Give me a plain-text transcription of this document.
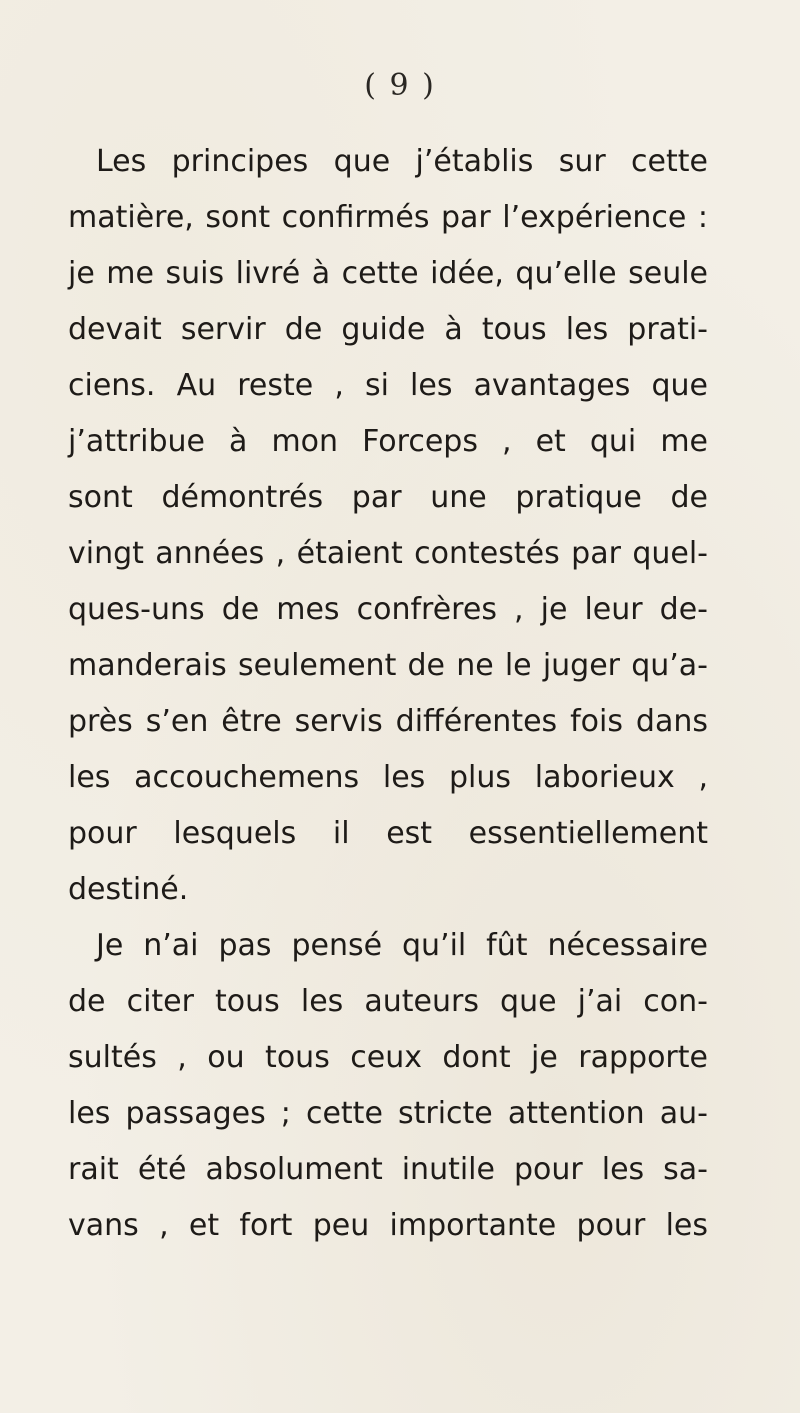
( 9 )
Les principes que j’établis sur cette
matière, sont confirmés par l’expérience :
je me suis livré à cette idée, qu’elle seule
devait servir de guide à tous les prati-
ciens. Au reste , si les avantages que
j’attribue à mon Forceps , et qui me
sont démontrés par une pratique de
vingt années , étaient contestés par quel-
ques-uns de mes confrères , je leur de-
manderais seulement de ne le juger qu’a-
près s’en être servis différentes fois dans
les accouchemens les plus laborieux ,
pour lesquels il est essentiellement
destiné.
Je n’ai pas pensé qu’il fût nécessaire
de citer tous les auteurs que j’ai con-
sultés , ou tous ceux dont je rapporte
les passages ; cette stricte attention au-
rait été absolument inutile pour les sa-
vans , et fort peu importante pour les
